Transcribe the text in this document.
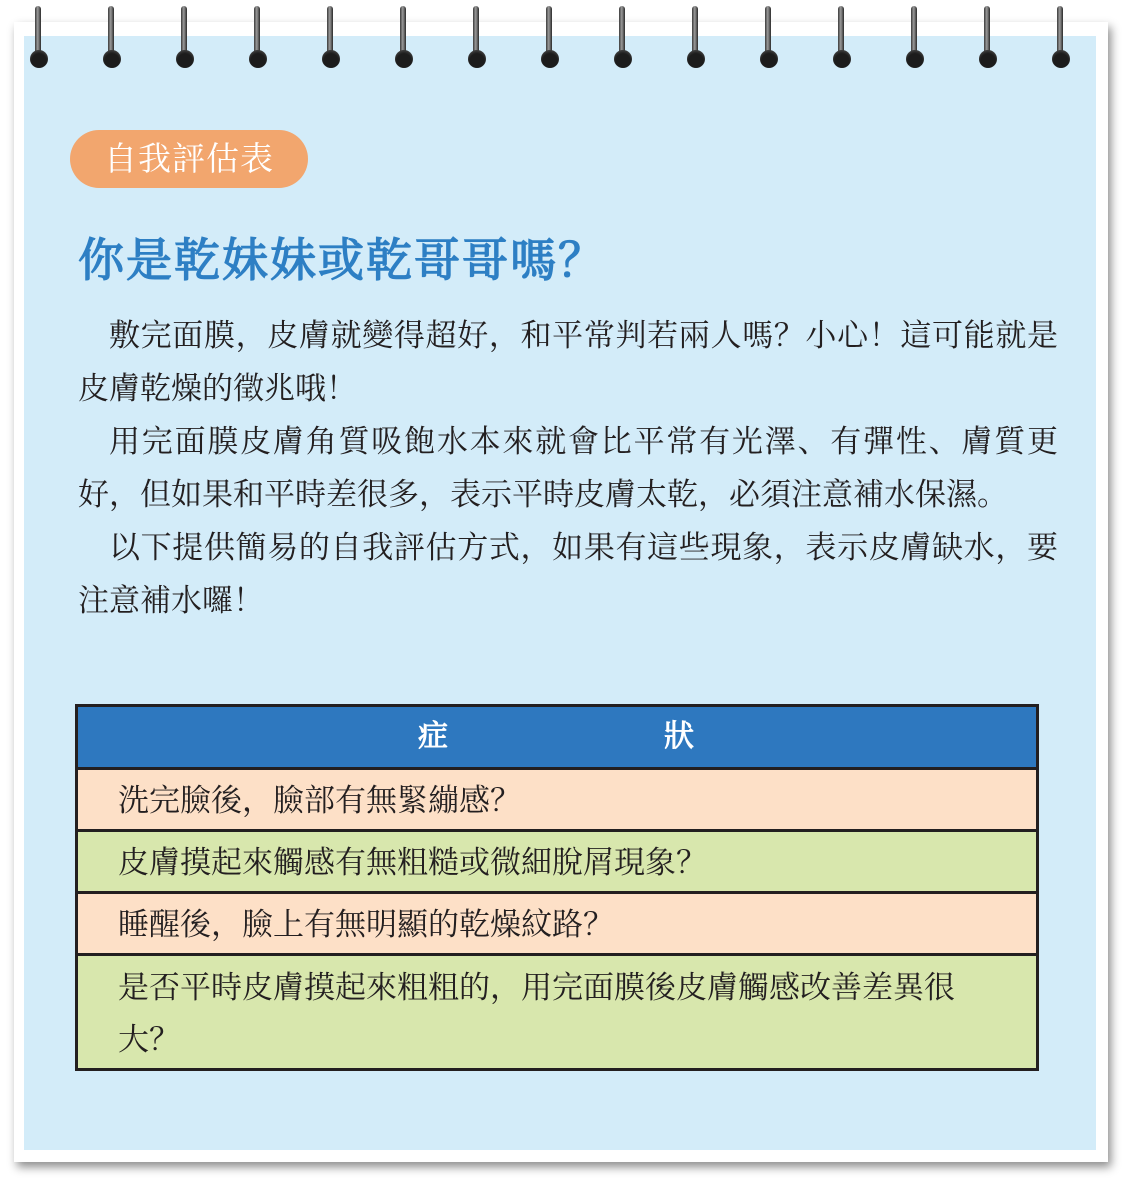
自我評估表
你是乾妹妹或乾哥哥嗎？

敷完面膜，皮膚就變得超好，和平常判若兩人嗎？小心！這可能就是皮膚乾燥的徵兆哦！

用完面膜皮膚角質吸飽水本來就會比平常有光澤、有彈性、膚質更好，但如果和平時差很多，表示平時皮膚太乾，必須注意補水保濕。

以下提供簡易的自我評估方式，如果有這些現象，表示皮膚缺水，要注意補水囉！

症	狀
洗完臉後，臉部有無緊繃感？
皮膚摸起來觸感有無粗糙或微細脫屑現象？
睡醒後，臉上有無明顯的乾燥紋路？
是否平時皮膚摸起來粗粗的，用完面膜後皮膚觸感改善差異很大？
